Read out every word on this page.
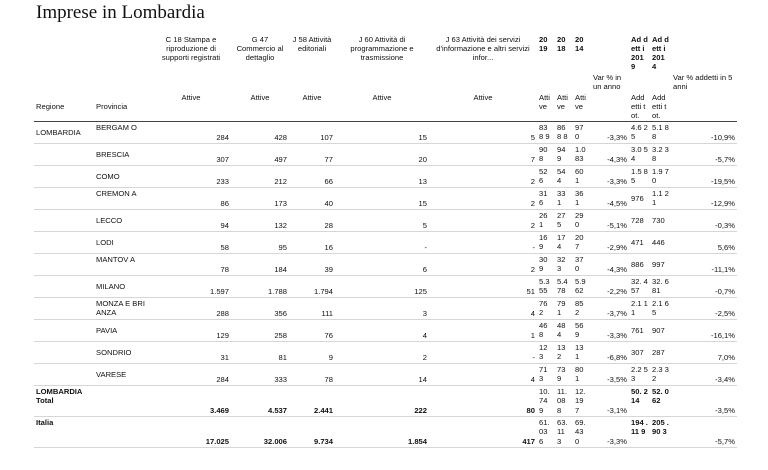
Imprese in Lombardia
		C 18 Stampa e riproduzione di supporti registrati	G 47 Commercio al dettaglio	J 58 Attività editoriali	J 60 Attività di programmazione e trasmissione	J 63 Attività dei servizi d'informazione e altri servizi infor...	20 19	20 18	20 14	Var % in un anno	Ad dett i 201 9	Ad dett i 201 4	Var % addetti in 5 anni
Regione	Provincia	Attive	Attive	Attive	Attive	Attive	Atti ve	Atti ve	Atti ve		Add etti tot.	Add etti tot.	
LOMBARDIA	BERGAM O	284	428	107	15	5	83 8 9	86 8 8	97 0	-3,3%	4.6 25	5.1 88	-10,9%
	BRESCIA	307	497	77	20	7	90 8	94 9	1.0 83	-4,3%	3.0 54	3.2 38	-5,7%
	COMO	233	212	66	13	2	52 6	54 4	60 1	-3,3%	1.5 85	1.9 70	-19,5%
	CREMON A	86	173	40	15	2	31 6	33 1	36 1	-4,5%	976	1.1 21	-12,9%
	LECCO	94	132	28	5	2	26 1	27 5	29 0	-5,1%	728	730	-0,3%
	LODI	58	95	16	-	-	16 9	17 4	20 7	-2,9%	471	446	5,6%
	MANTOV A	78	184	39	6	2	30 9	32 3	37 0	-4,3%	886	997	-11,1%
	MILANO	1.597	1.788	1.794	125	51	5.3 55	5.4 78	5.9 62	-2,2%	32. 457	32. 681	-0,7%
	MONZA E BRIANZA	288	356	111	3	4	76 2	79 1	85 2	-3,7%	2.1 11	2.1 65	-2,5%
	PAVIA	129	258	76	4	1	46 8	48 4	56 9	-3,3%	761	907	-16,1%
	SONDRIO	31	81	9	2	-	12 3	13 2	13 1	-6,8%	307	287	7,0%
	VARESE	284	333	78	14	4	71 3	73 9	80 1	-3,5%	2.2 53	2.3 32	-3,4%
LOMBARDIA Total		3.469	4.537	2.441	222	80	10. 74 9	11. 08 8	12. 19 7	-3,1%	50. 214	52. 062	-3,5%
Italia		17.025	32.006	9.734	1.854	417	61. 03 6	63. 11 3	69. 43 0	-3,3%	194 .11 9	205 .90 3	-5,7%
